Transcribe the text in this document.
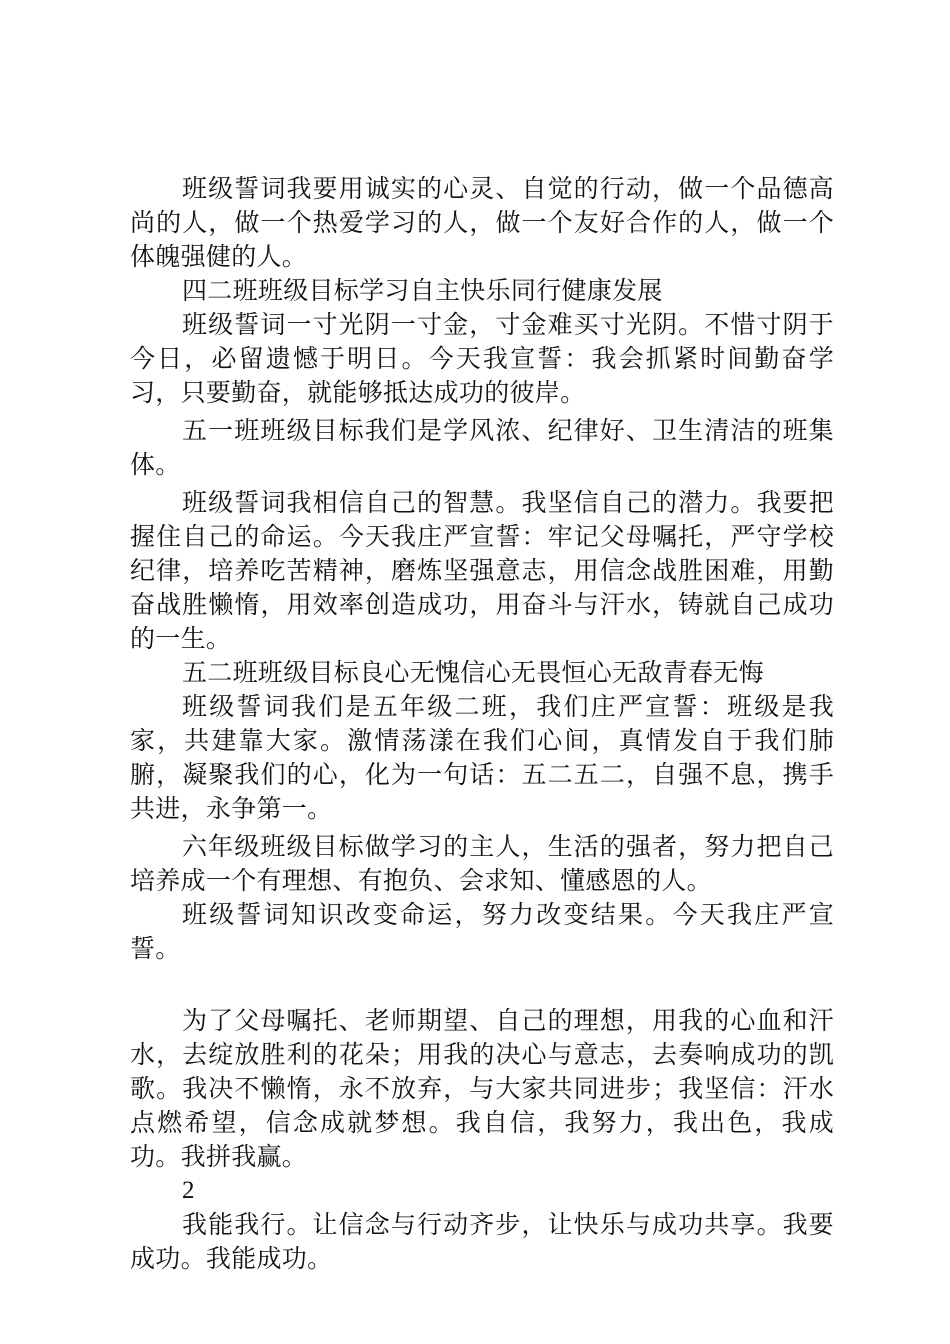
班级誓词我要用诚实的心灵、自觉的行动，做一个品德高尚的人，做一个热爱学习的人，做一个友好合作的人，做一个体魄强健的人。

四二班班级目标学习自主快乐同行健康发展

班级誓词一寸光阴一寸金，寸金难买寸光阴。不惜寸阴于今日，必留遗憾于明日。今天我宣誓：我会抓紧时间勤奋学习，只要勤奋，就能够抵达成功的彼岸。

五一班班级目标我们是学风浓、纪律好、卫生清洁的班集体。

班级誓词我相信自己的智慧。我坚信自己的潜力。我要把握住自己的命运。今天我庄严宣誓：牢记父母嘱托，严守学校纪律，培养吃苦精神，磨炼坚强意志，用信念战胜困难，用勤奋战胜懒惰，用效率创造成功，用奋斗与汗水，铸就自己成功的一生。

五二班班级目标良心无愧信心无畏恒心无敌青春无悔

班级誓词我们是五年级二班，我们庄严宣誓：班级是我家，共建靠大家。激情荡漾在我们心间，真情发自于我们肺腑，凝聚我们的心，化为一句话：五二五二，自强不息，携手共进，永争第一。

六年级班级目标做学习的主人，生活的强者，努力把自己培养成一个有理想、有抱负、会求知、懂感恩的人。

班级誓词知识改变命运，努力改变结果。今天我庄严宣誓。

为了父母嘱托、老师期望、自己的理想，用我的心血和汗水，去绽放胜利的花朵；用我的决心与意志，去奏响成功的凯歌。我决不懒惰，永不放弃，与大家共同进步；我坚信：汗水点燃希望，信念成就梦想。我自信，我努力，我出色，我成功。我拼我赢。

2

我能我行。让信念与行动齐步，让快乐与成功共享。我要成功。我能成功。
